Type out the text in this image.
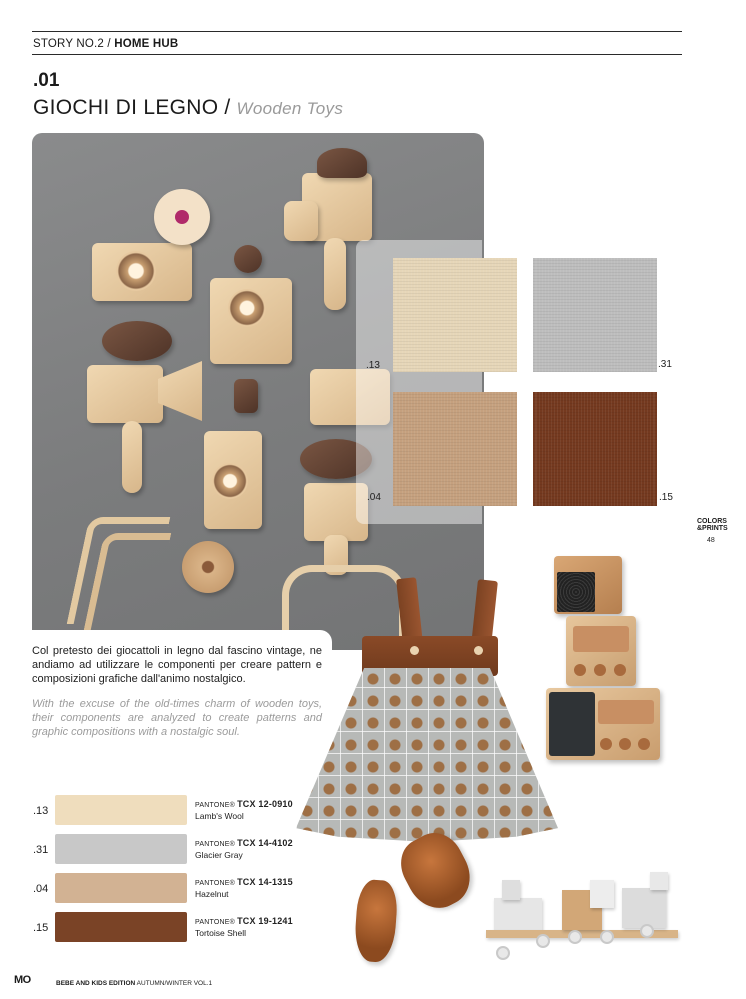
STORY NO.2 / HOME HUB
.01
GIOCHI DI LEGNO / Wooden Toys
.13	.31
.04	.15
COLORS
&PRINTS
48
Col pretesto dei giocattoli in legno dal fascino vintage, ne andiamo ad utilizzare le componenti per creare pattern e composizioni grafiche dall'animo nostalgico.
With the excuse of the old-times charm of wooden toys, their components are analyzed to create patterns and graphic compositions with a nostalgic soul.
.13	PANTONE® TCX 12-0910
Lamb's Wool
.31	PANTONE® TCX 14-4102
Glacier Gray
.04	PANTONE® TCX 14-1315
Hazelnut
.15	PANTONE® TCX 19-1241
Tortoise Shell
MO	BEBE AND KIDS EDITION AUTUMN/WINTER VOL.1
